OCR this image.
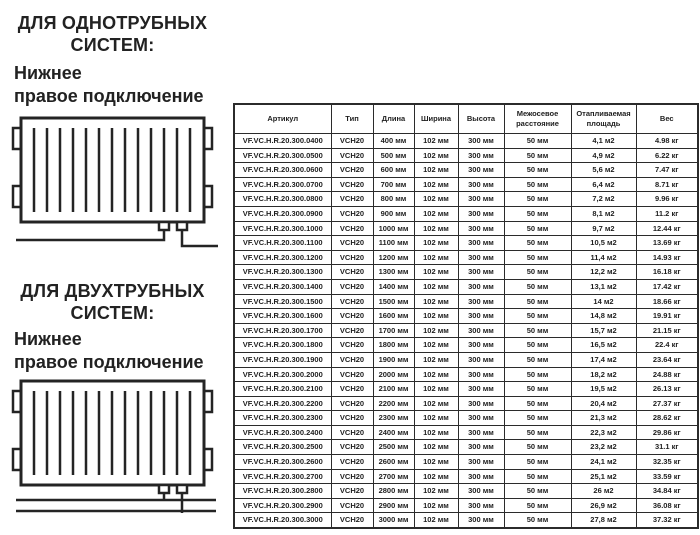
ДЛЯ ОДНОТРУБНЫХ
СИСТЕМ:
Нижнее
правое подключение
ДЛЯ ДВУХТРУБНЫХ
СИСТЕМ:
Нижнее
правое подключение
Артикул	Тип	Длина	Ширина	Высота	Межосевое расстояние	Отапливаемая площадь	Вес
VF.VC.H.R.20.300.0400	VCH20	400 мм	102 мм	300 мм	50 мм	4,1 м2	4.98 кг
VF.VC.H.R.20.300.0500	VCH20	500 мм	102 мм	300 мм	50 мм	4,9 м2	6.22 кг
VF.VC.H.R.20.300.0600	VCH20	600 мм	102 мм	300 мм	50 мм	5,6 м2	7.47 кг
VF.VC.H.R.20.300.0700	VCH20	700 мм	102 мм	300 мм	50 мм	6,4 м2	8.71 кг
VF.VC.H.R.20.300.0800	VCH20	800 мм	102 мм	300 мм	50 мм	7,2 м2	9.96 кг
VF.VC.H.R.20.300.0900	VCH20	900 мм	102 мм	300 мм	50 мм	8,1 м2	11.2 кг
VF.VC.H.R.20.300.1000	VCH20	1000 мм	102 мм	300 мм	50 мм	9,7 м2	12.44 кг
VF.VC.H.R.20.300.1100	VCH20	1100 мм	102 мм	300 мм	50 мм	10,5 м2	13.69 кг
VF.VC.H.R.20.300.1200	VCH20	1200 мм	102 мм	300 мм	50 мм	11,4 м2	14.93 кг
VF.VC.H.R.20.300.1300	VCH20	1300 мм	102 мм	300 мм	50 мм	12,2 м2	16.18 кг
VF.VC.H.R.20.300.1400	VCH20	1400 мм	102 мм	300 мм	50 мм	13,1 м2	17.42 кг
VF.VC.H.R.20.300.1500	VCH20	1500 мм	102 мм	300 мм	50 мм	14 м2	18.66 кг
VF.VC.H.R.20.300.1600	VCH20	1600 мм	102 мм	300 мм	50 мм	14,8 м2	19.91 кг
VF.VC.H.R.20.300.1700	VCH20	1700 мм	102 мм	300 мм	50 мм	15,7 м2	21.15 кг
VF.VC.H.R.20.300.1800	VCH20	1800 мм	102 мм	300 мм	50 мм	16,5 м2	22.4 кг
VF.VC.H.R.20.300.1900	VCH20	1900 мм	102 мм	300 мм	50 мм	17,4 м2	23.64 кг
VF.VC.H.R.20.300.2000	VCH20	2000 мм	102 мм	300 мм	50 мм	18,2 м2	24.88 кг
VF.VC.H.R.20.300.2100	VCH20	2100 мм	102 мм	300 мм	50 мм	19,5 м2	26.13 кг
VF.VC.H.R.20.300.2200	VCH20	2200 мм	102 мм	300 мм	50 мм	20,4 м2	27.37 кг
VF.VC.H.R.20.300.2300	VCH20	2300 мм	102 мм	300 мм	50 мм	21,3 м2	28.62 кг
VF.VC.H.R.20.300.2400	VCH20	2400 мм	102 мм	300 мм	50 мм	22,3 м2	29.86 кг
VF.VC.H.R.20.300.2500	VCH20	2500 мм	102 мм	300 мм	50 мм	23,2 м2	31.1 кг
VF.VC.H.R.20.300.2600	VCH20	2600 мм	102 мм	300 мм	50 мм	24,1 м2	32.35 кг
VF.VC.H.R.20.300.2700	VCH20	2700 мм	102 мм	300 мм	50 мм	25,1 м2	33.59 кг
VF.VC.H.R.20.300.2800	VCH20	2800 мм	102 мм	300 мм	50 мм	26 м2	34.84 кг
VF.VC.H.R.20.300.2900	VCH20	2900 мм	102 мм	300 мм	50 мм	26,9 м2	36.08 кг
VF.VC.H.R.20.300.3000	VCH20	3000 мм	102 мм	300 мм	50 мм	27,8 м2	37.32 кг
